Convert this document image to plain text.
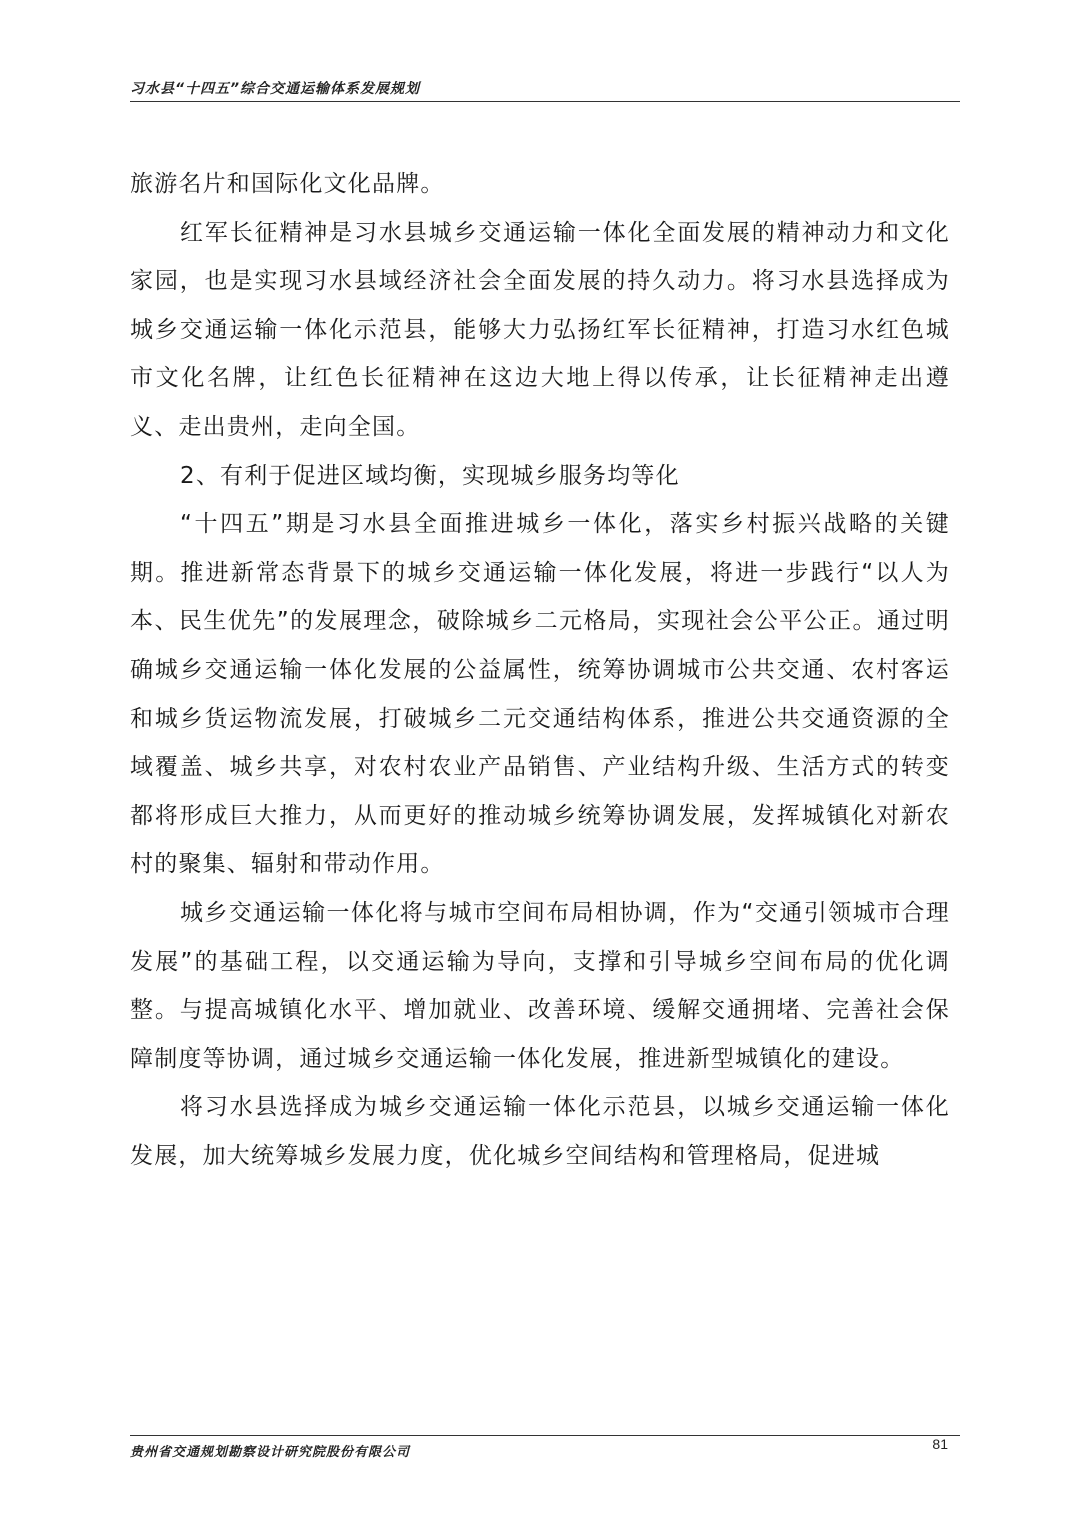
习水县“十四五”综合交通运输体系发展规划

旅游名片和国际化文化品牌。

红军长征精神是习水县城乡交通运输一体化全面发展的精神动力和文化家园，也是实现习水县域经济社会全面发展的持久动力。将习水县选择成为城乡交通运输一体化示范县，能够大力弘扬红军长征精神，打造习水红色城市文化名牌，让红色长征精神在这边大地上得以传承，让长征精神走出遵义、走出贵州，走向全国。

2、有利于促进区域均衡，实现城乡服务均等化

“十四五”期是习水县全面推进城乡一体化，落实乡村振兴战略的关键期。推进新常态背景下的城乡交通运输一体化发展，将进一步践行“以人为本、民生优先”的发展理念，破除城乡二元格局，实现社会公平公正。通过明确城乡交通运输一体化发展的公益属性，统筹协调城市公共交通、农村客运和城乡货运物流发展，打破城乡二元交通结构体系，推进公共交通资源的全域覆盖、城乡共享，对农村农业产品销售、产业结构升级、生活方式的转变都将形成巨大推力，从而更好的推动城乡统筹协调发展，发挥城镇化对新农村的聚集、辐射和带动作用。

城乡交通运输一体化将与城市空间布局相协调，作为“交通引领城市合理发展”的基础工程，以交通运输为导向，支撑和引导城乡空间布局的优化调整。与提高城镇化水平、增加就业、改善环境、缓解交通拥堵、完善社会保障制度等协调，通过城乡交通运输一体化发展，推进新型城镇化的建设。

将习水县选择成为城乡交通运输一体化示范县，以城乡交通运输一体化发展，加大统筹城乡发展力度，优化城乡空间结构和管理格局，促进城

贵州省交通规划勘察设计研究院股份有限公司
81
